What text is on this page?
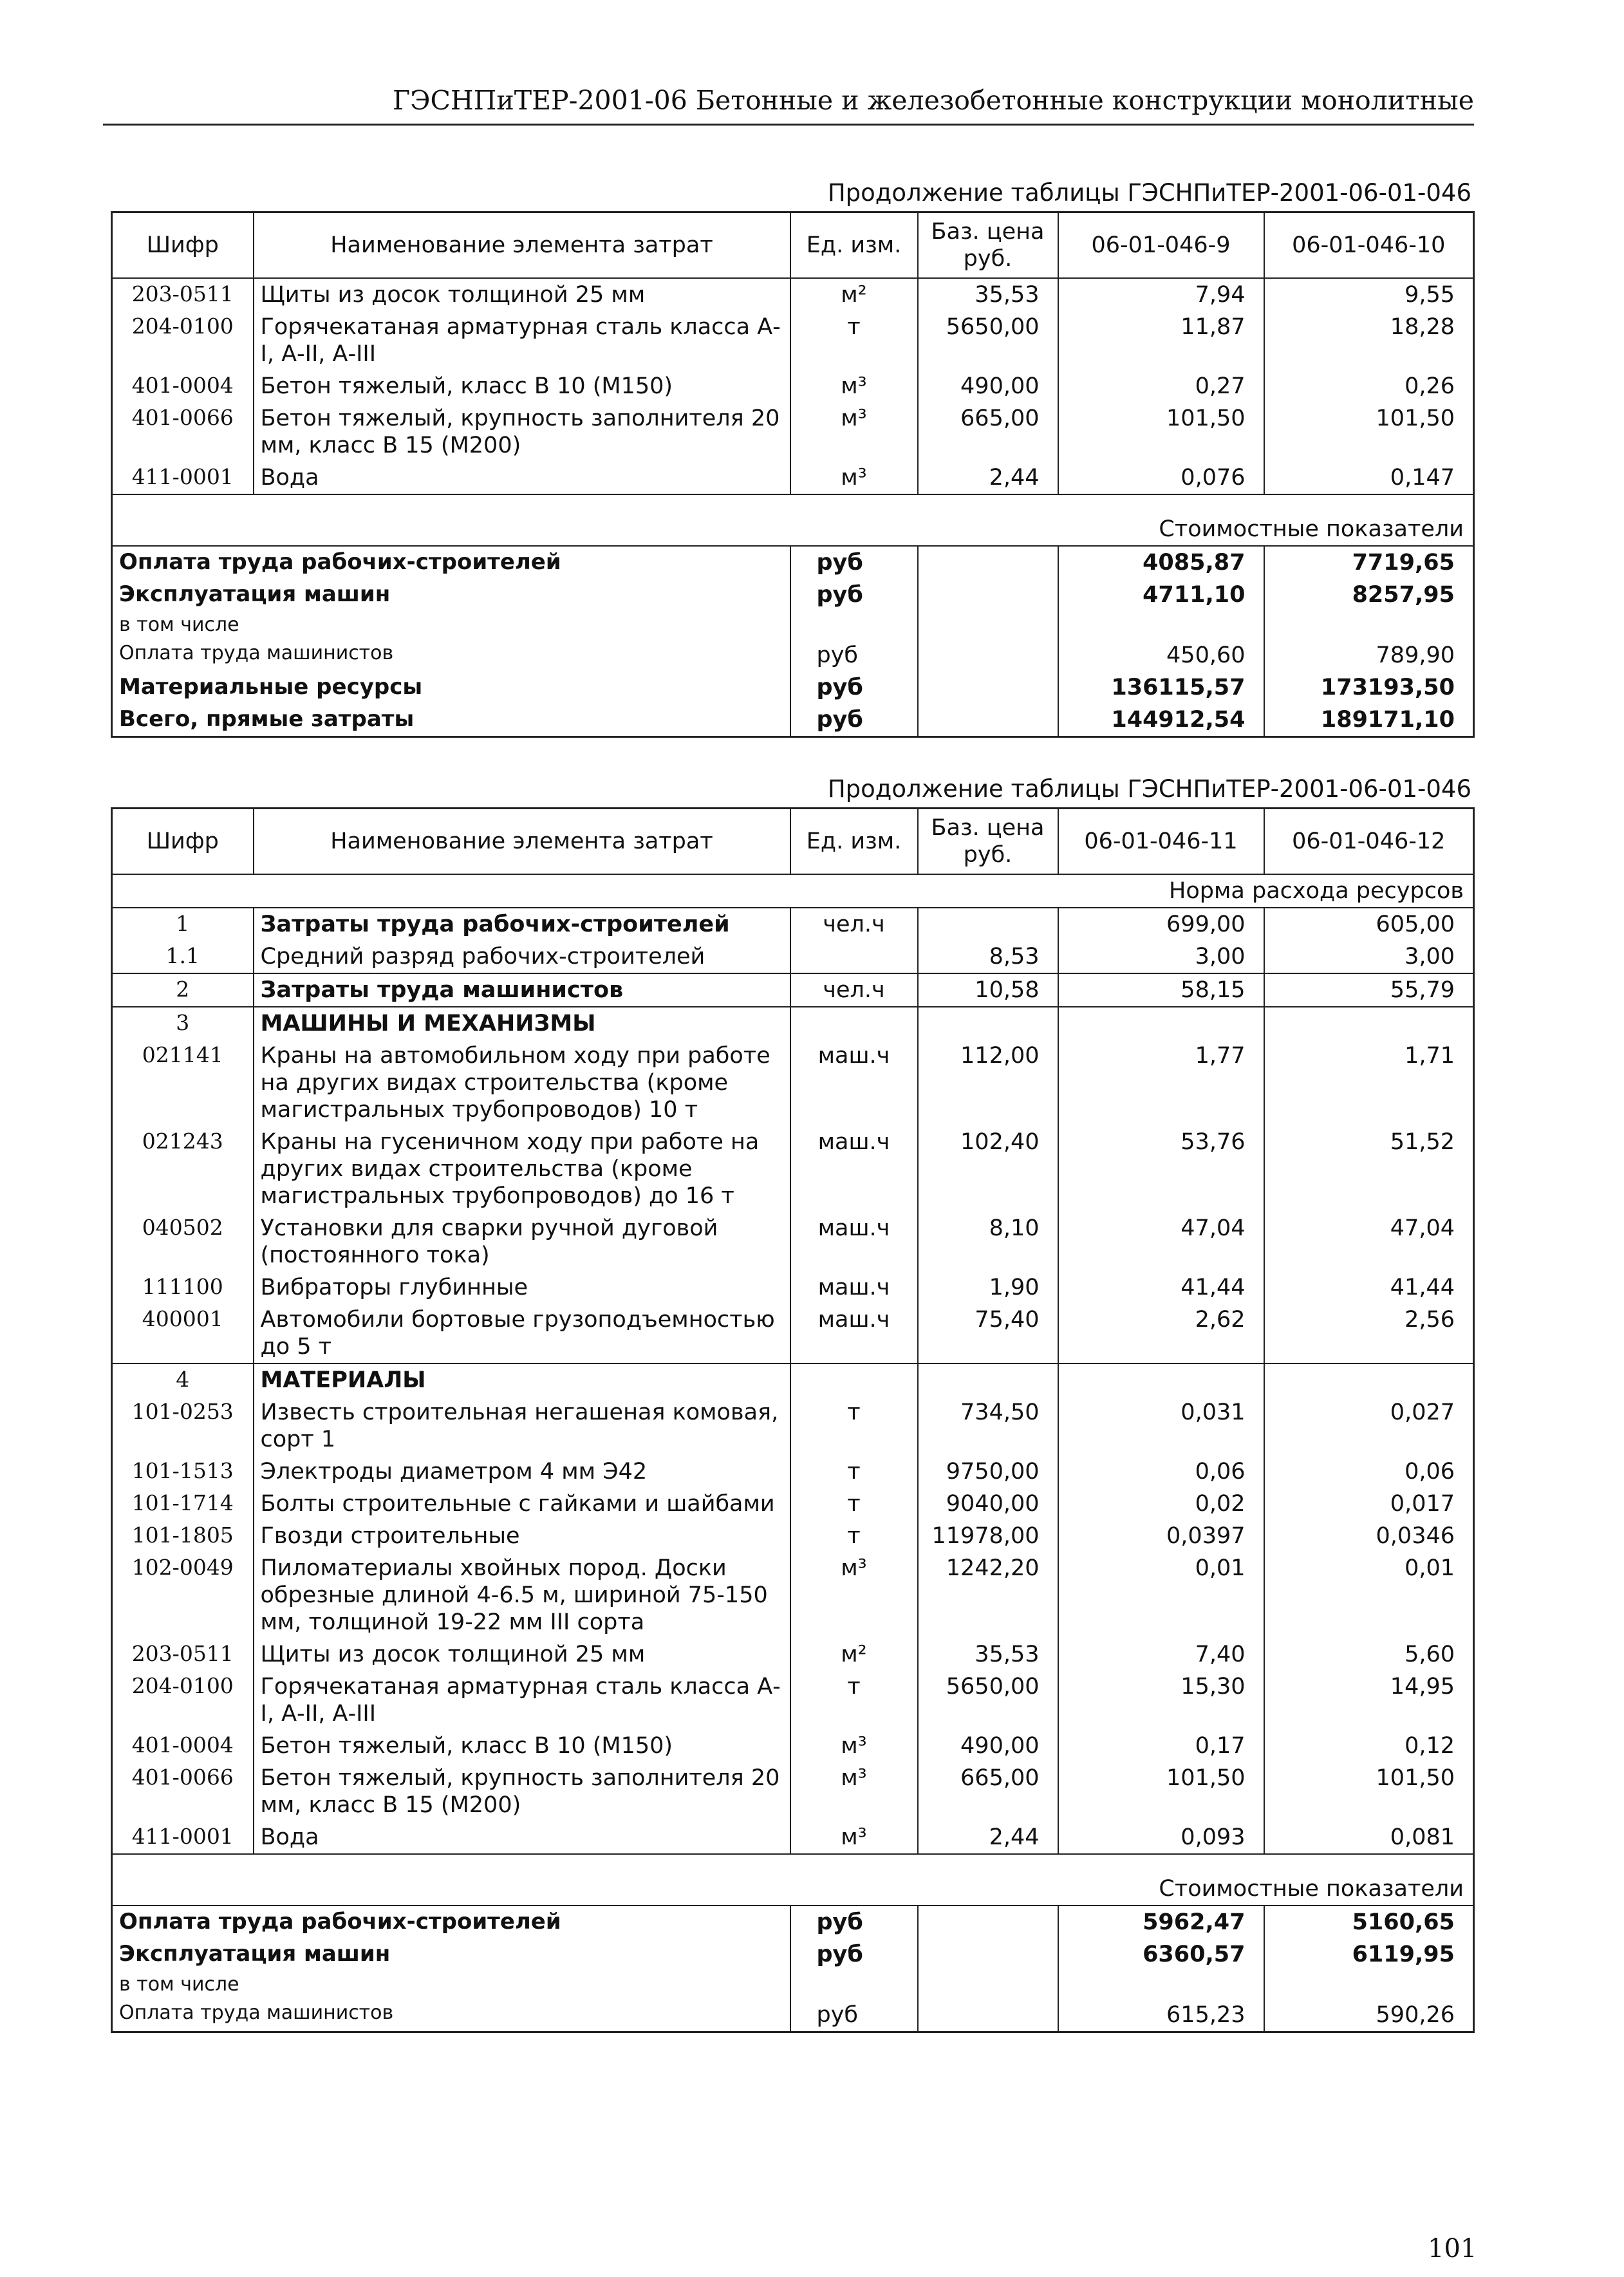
ГЭСНПиТЕР-2001-06 Бетонные и железобетонные конструкции монолитные
Продолжение таблицы ГЭСНПиТЕР-2001-06-01-046
Шифр	Наименование элемента затрат	Ед. изм.	Баз. цена руб.	06-01-046-9	06-01-046-10
203-0511	Щиты из досок толщиной 25 мм	м²	35,53	7,94	9,55
204-0100	Горячекатаная арматурная сталь класса А-I, А-II, А-III	т	5650,00	11,87	18,28
401-0004	Бетон тяжелый, класс В 10 (М150)	м³	490,00	0,27	0,26
401-0066	Бетон тяжелый, крупность заполнителя 20 мм, класс В 15 (М200)	м³	665,00	101,50	101,50
411-0001	Вода	м³	2,44	0,076	0,147
Стоимостные показатели					
Оплата труда рабочих-строителей		руб		4085,87	7719,65
Эксплуатация машин		руб		4711,10	8257,95
в том числе					
Оплата труда машинистов		руб		450,60	789,90
Материальные ресурсы		руб		136115,57	173193,50
Всего, прямые затраты		руб		144912,54	189171,10
Продолжение таблицы ГЭСНПиТЕР-2001-06-01-046
Шифр	Наименование элемента затрат	Ед. изм.	Баз. цена руб.	06-01-046-11	06-01-046-12
Норма расхода ресурсов					
1	Затраты труда рабочих-строителей	чел.ч		699,00	605,00
1.1	Средний разряд рабочих-строителей		8,53	3,00	3,00
2	Затраты труда машинистов	чел.ч	10,58	58,15	55,79
3	МАШИНЫ И МЕХАНИЗМЫ				
021141	Краны на автомобильном ходу при работе на других видах строительства (кроме магистральных трубопроводов) 10 т	маш.ч	112,00	1,77	1,71
021243	Краны на гусеничном ходу при работе на других видах строительства (кроме магистральных трубопроводов) до 16 т	маш.ч	102,40	53,76	51,52
040502	Установки для сварки ручной дуговой (постоянного тока)	маш.ч	8,10	47,04	47,04
111100	Вибраторы глубинные	маш.ч	1,90	41,44	41,44
400001	Автомобили бортовые грузоподъемностью до 5 т	маш.ч	75,40	2,62	2,56
4	МАТЕРИАЛЫ				
101-0253	Известь строительная негашеная комовая, сорт 1	т	734,50	0,031	0,027
101-1513	Электроды диаметром 4 мм Э42	т	9750,00	0,06	0,06
101-1714	Болты строительные с гайками и шайбами	т	9040,00	0,02	0,017
101-1805	Гвозди строительные	т	11978,00	0,0397	0,0346
102-0049	Пиломатериалы хвойных пород. Доски обрезные длиной 4-6.5 м, шириной 75-150 мм, толщиной 19-22 мм III сорта	м³	1242,20	0,01	0,01
203-0511	Щиты из досок толщиной 25 мм	м²	35,53	7,40	5,60
204-0100	Горячекатаная арматурная сталь класса А-I, А-II, А-III	т	5650,00	15,30	14,95
401-0004	Бетон тяжелый, класс В 10 (М150)	м³	490,00	0,17	0,12
401-0066	Бетон тяжелый, крупность заполнителя 20 мм, класс В 15 (М200)	м³	665,00	101,50	101,50
411-0001	Вода	м³	2,44	0,093	0,081
Стоимостные показатели					
Оплата труда рабочих-строителей		руб		5962,47	5160,65
Эксплуатация машин		руб		6360,57	6119,95
в том числе					
Оплата труда машинистов		руб		615,23	590,26
101
